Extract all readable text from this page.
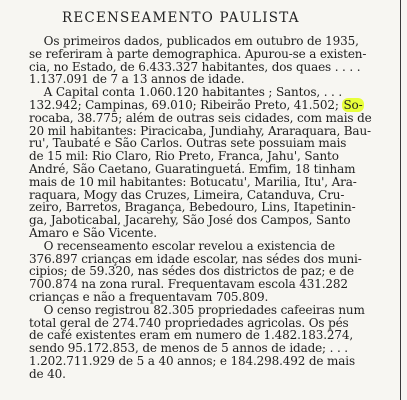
RECENSEAMENTO PAULISTA
Os primeiros dados, publicados em outubro de 1935,
se referiram à parte demographica. Apurou-se a existen-
cia, no Estado, de 6.433.327 habitantes, dos quaes . . . .
1.137.091 de 7 a 13 annos de idade.
A Capital conta 1.060.120 habitantes ; Santos, . . .
132.942; Campinas, 69.010; Ribeirão Preto, 41.502; So-
rocaba, 38.775; além de outras seis cidades, com mais de
20 mil habitantes: Piracicaba, Jundiahy, Araraquara, Bau-
ru', Taubaté e São Carlos. Outras sete possuiam mais
de 15 mil: Rio Claro, Rio Preto, Franca, Jahu', Santo
André, São Caetano, Guaratinguetá. Emfim, 18 tinham
mais de 10 mil habitantes: Botucatu', Marilia, Itu', Ara-
raquara, Mogy das Cruzes, Limeira, Catanduva, Cru-
zeiro, Barretos, Bragança, Bebedouro, Lins, Itapetinin-
ga, Jaboticabal, Jacarehy, São José dos Campos, Santo
Amaro e São Vicente.
O recenseamento escolar revelou a existencia de
376.897 crianças em idade escolar, nas sédes dos muni-
cipios; de 59.320, nas sédes dos districtos de paz; e de
700.874 na zona rural. Frequentavam escola 431.282
crianças e não a frequentavam 705.809.
O censo registrou 82.305 propriedades cafeeiras num
total geral de 274.740 propriedades agricolas. Os pés
de café existentes eram em numero de 1.482.183.274,
sendo 95.172.853, de menos de 5 annos de idade; . . .
1.202.711.929 de 5 a 40 annos; e 184.298.492 de mais
de 40.
